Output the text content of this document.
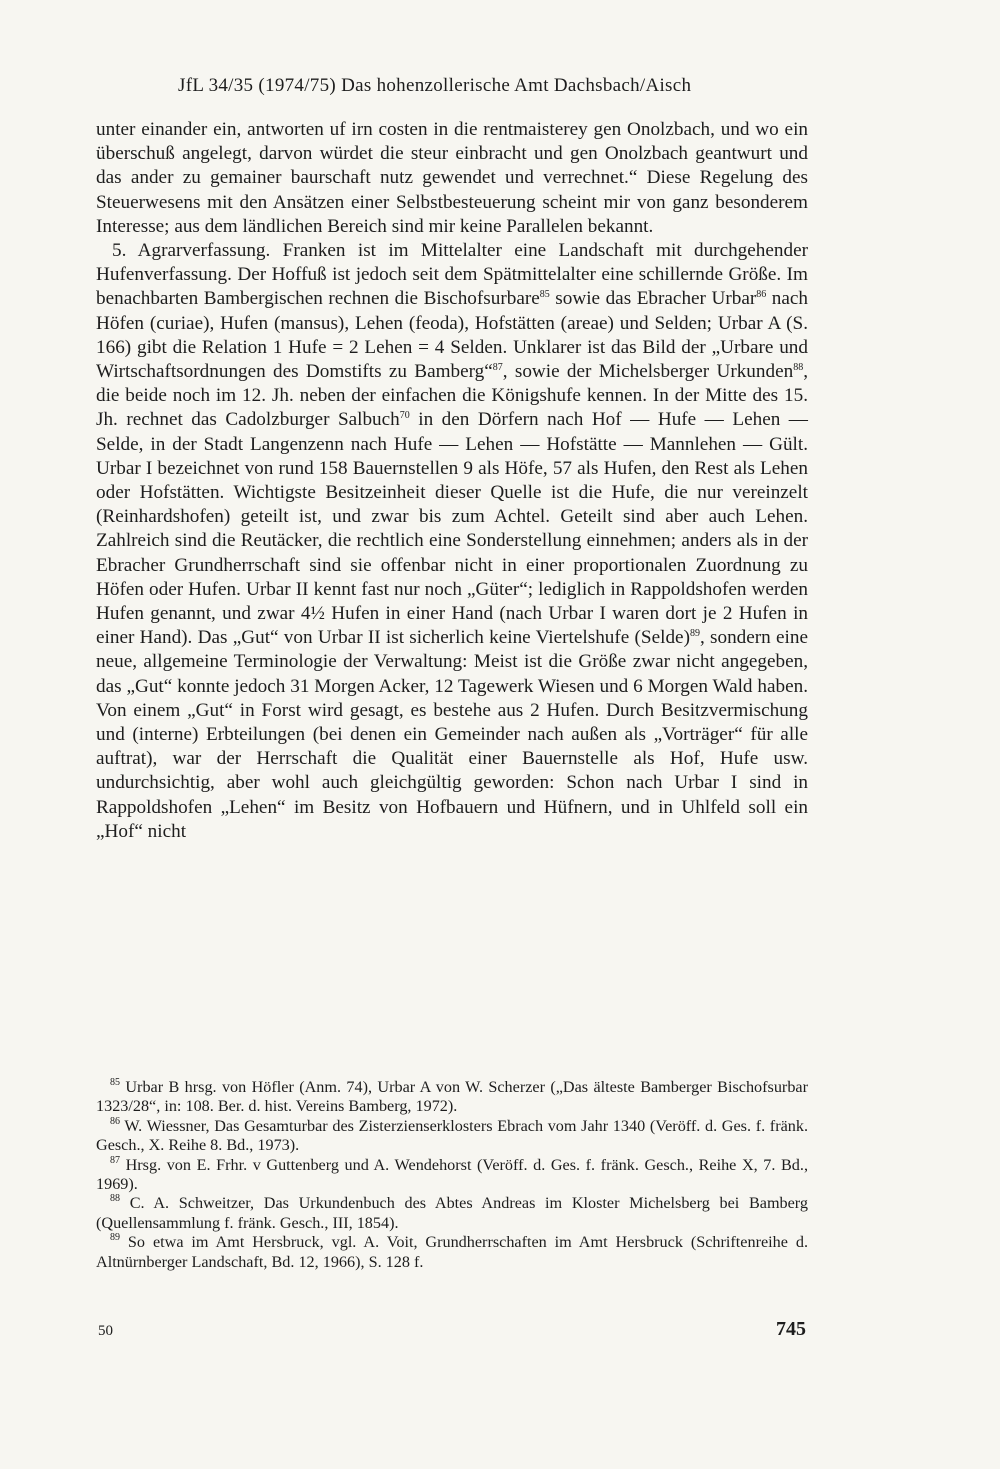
JfL 34/35 (1974/75) Das hohenzollerische Amt Dachsbach/Aisch

unter einander ein, antworten uf irn costen in die rentmaisterey gen Onolzbach, und wo ein überschuß angelegt, darvon würdet die steur einbracht und gen Onolzbach geantwurt und das ander zu gemainer baurschaft nutz gewendet und verrechnet.“ Diese Regelung des Steuerwesens mit den Ansätzen einer Selbstbesteuerung scheint mir von ganz besonderem Interesse; aus dem ländlichen Bereich sind mir keine Parallelen bekannt.

5. Agrarverfassung. Franken ist im Mittelalter eine Landschaft mit durchgehender Hufenverfassung. Der Hoffuß ist jedoch seit dem Spätmittelalter eine schillernde Größe. Im benachbarten Bambergischen rechnen die Bischofsurbare$^{85}$ sowie das Ebracher Urbar$^{86}$ nach Höfen (curiae), Hufen (mansus), Lehen (feoda), Hofstätten (areae) und Selden; Urbar A (S. 166) gibt die Relation 1 Hufe = 2 Lehen = 4 Selden. Unklarer ist das Bild der „Urbare und Wirtschaftsordnungen des Domstifts zu Bamberg“$^{87}$, sowie der Michelsberger Urkunden$^{88}$, die beide noch im 12. Jh. neben der einfachen die Königshufe kennen. In der Mitte des 15. Jh. rechnet das Cadolzburger Salbuch$^{70}$ in den Dörfern nach Hof — Hufe — Lehen — Selde, in der Stadt Langenzenn nach Hufe — Lehen — Hofstätte — Mannlehen — Gült. Urbar I bezeichnet von rund 158 Bauernstellen 9 als Höfe, 57 als Hufen, den Rest als Lehen oder Hofstätten. Wichtigste Besitzeinheit dieser Quelle ist die Hufe, die nur vereinzelt (Reinhardshofen) geteilt ist, und zwar bis zum Achtel. Geteilt sind aber auch Lehen. Zahlreich sind die Reutäcker, die rechtlich eine Sonderstellung einnehmen; anders als in der Ebracher Grundherrschaft sind sie offenbar nicht in einer proportionalen Zuordnung zu Höfen oder Hufen. Urbar II kennt fast nur noch „Güter“; lediglich in Rappoldshofen werden Hufen genannt, und zwar 4½ Hufen in einer Hand (nach Urbar I waren dort je 2 Hufen in einer Hand). Das „Gut“ von Urbar II ist sicherlich keine Viertelshufe (Selde)$^{89}$, sondern eine neue, allgemeine Terminologie der Verwaltung: Meist ist die Größe zwar nicht angegeben, das „Gut“ konnte jedoch 31 Morgen Acker, 12 Tagewerk Wiesen und 6 Morgen Wald haben. Von einem „Gut“ in Forst wird gesagt, es bestehe aus 2 Hufen. Durch Besitzvermischung und (interne) Erbteilungen (bei denen ein Gemeinder nach außen als „Vorträger“ für alle auftrat), war der Herrschaft die Qualität einer Bauernstelle als Hof, Hufe usw. undurchsichtig, aber wohl auch gleichgültig geworden: Schon nach Urbar I sind in Rappoldshofen „Lehen“ im Besitz von Hofbauern und Hüfnern, und in Uhlfeld soll ein „Hof“ nicht

$^{85}$ Urbar B hrsg. von Höfler (Anm. 74), Urbar A von W. Scherzer („Das älteste Bamberger Bischofsurbar 1323/28“, in: 108. Ber. d. hist. Vereins Bamberg, 1972).

$^{86}$ W. Wiessner, Das Gesamturbar des Zisterzienserklosters Ebrach vom Jahr 1340 (Veröff. d. Ges. f. fränk. Gesch., X. Reihe 8. Bd., 1973).

$^{87}$ Hrsg. von E. Frhr. v Guttenberg und A. Wendehorst (Veröff. d. Ges. f. fränk. Gesch., Reihe X, 7. Bd., 1969).

$^{88}$ C. A. Schweitzer, Das Urkundenbuch des Abtes Andreas im Kloster Michelsberg bei Bamberg (Quellensammlung f. fränk. Gesch., III, 1854).

$^{89}$ So etwa im Amt Hersbruck, vgl. A. Voit, Grundherrschaften im Amt Hersbruck (Schriftenreihe d. Altnürnberger Landschaft, Bd. 12, 1966), S. 128 f.

50	745
